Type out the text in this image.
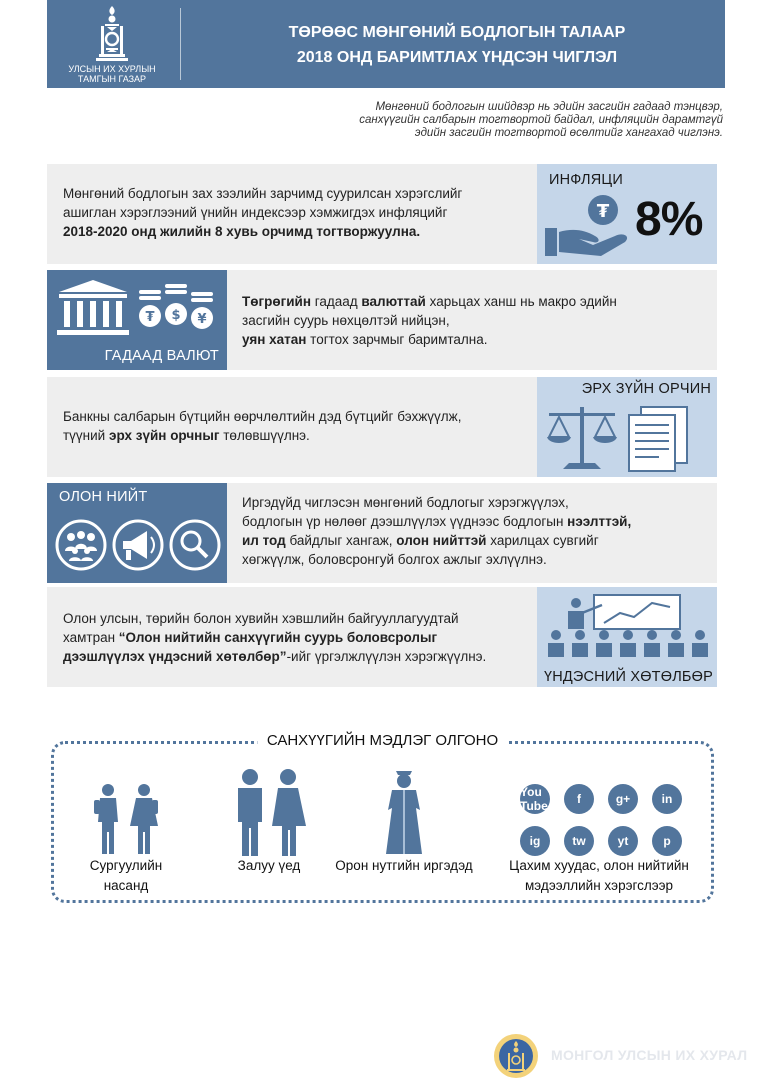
УЛСЫН ИХ ХУРЛЫН
ТАМГЫН ГАЗАР
ТӨРӨӨС МӨНГӨНИЙ БОДЛОГЫН ТАЛААР
2018 ОНД БАРИМТЛАХ ҮНДСЭН ЧИГЛЭЛ
Мөнгөний бодлогын шийдвэр нь эдийн засгийн гадаад тэнцвэр,
санхүүгийн салбарын тогтвортой байдал, инфляцийн дарамтгүй
эдийн засгийн тогтвортой өсөлтийг хангахад чиглэнэ.
Мөнгөний бодлогын зах зээлийн зарчимд суурилсан хэрэгслийг
ашиглан хэрэглээний үнийн индексээр хэмжигдэх инфляцийг
2018-2020 онд жилийн 8 хувь орчимд тогтворжуулна.
ИНФЛЯЦИ
₮ 8%
₮ $ ¥
ГАДААД ВАЛЮТ
Төгрөгийн гадаад валюттай харьцах ханш нь макро эдийн
засгийн суурь нөхцөлтэй нийцэн,
уян хатан тогтох зарчмыг баримтална.
Банкны салбарын бүтцийн өөрчлөлтийн дэд бүтцийг бэхжүүлж,
түүний эрх зүйн орчныг төлөвшүүлнэ.
ЭРХ ЗҮЙН ОРЧИН
ОЛОН НИЙТ	Иргэдүйд чиглэсэн мөнгөний бодлогыг хэрэгжүүлэх,
бодлогын үр нөлөөг дээшлүүлэх үүднээс бодлогын нээлттэй,
ил тод байдлыг хангаж, олон нийттэй харилцах сувгийг
хөгжүүлж, боловсронгуй болгох ажлыг эхлүүлнэ.
Олон улсын, төрийн болон хувийн хэвшлийн байгууллагуудтай
хамтран “Олон нийтийн санхүүгийн суурь боловсролыг
дээшлүүлэх үндэсний хөтөлбөр”-ийг үргэлжлүүлэн хэрэгжүүлнэ.
ҮНДЭСНИЙ ХӨТӨЛБӨР
САНХҮҮГИЙН МЭДЛЭГ ОЛГОНО
Сургуулийн насанд
Залуу үед	Орон нутгийн иргэдэд
You Tube	f	g+	in
ig	tw	yt	p
Цахим хуудас, олон нийтийн
мэдээллийн хэрэгслээр
МОНГОЛ УЛСЫН ИХ ХУРАЛ
